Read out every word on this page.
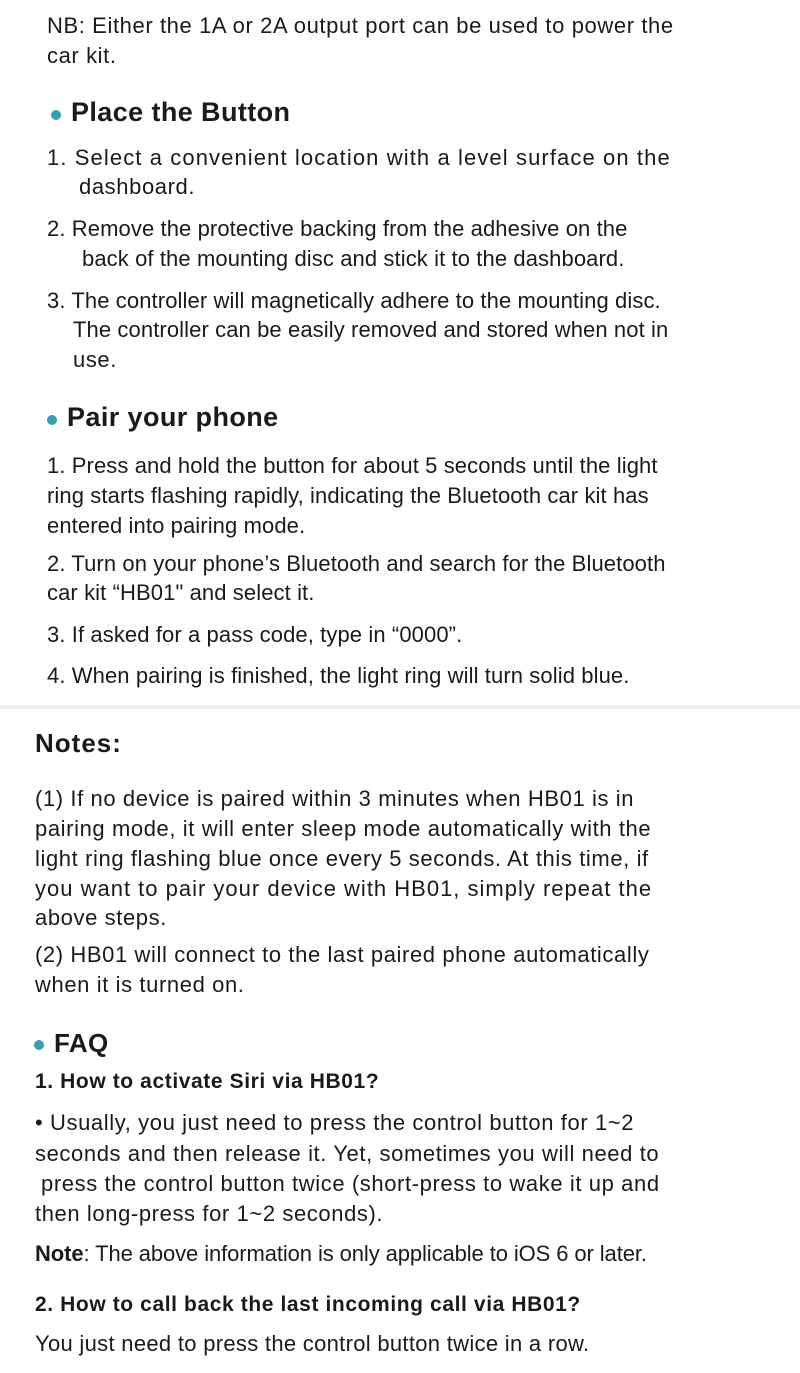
NB: Either the 1A or 2A output port can be used to power the
car kit.
Place the Button
1. Select a convenient location with a level surface on the
dashboard.
2. Remove the protective backing from the adhesive on the
back of the mounting disc and stick it to the dashboard.
3. The controller will magnetically adhere to the mounting disc.
The controller can be easily removed and stored when not in
use.
Pair your phone
1. Press and hold the button for about 5 seconds until the light
ring starts flashing rapidly, indicating the Bluetooth car kit has
entered into pairing mode.
2. Turn on your phone’s Bluetooth and search for the Bluetooth
car kit “HB01" and select it.
3. If asked for a pass code, type in “0000”.
4. When pairing is finished, the light ring will turn solid blue.
Notes:
(1) If no device is paired within 3 minutes when HB01 is in
pairing mode, it will enter sleep mode automatically with the
light ring flashing blue once every 5 seconds. At this time, if
you want to pair your device with HB01, simply repeat the
above steps.
(2) HB01 will connect to the last paired phone automatically
when it is turned on.
FAQ
1. How to activate Siri via HB01?
• Usually, you just need to press the control button for 1~2
seconds and then release it. Yet, sometimes you will need to
press the control button twice (short-press to wake it up and
then long-press for 1~2 seconds).
Note: The above information is only applicable to iOS 6 or later.
2. How to call back the last incoming call via HB01?
You just need to press the control button twice in a row.
